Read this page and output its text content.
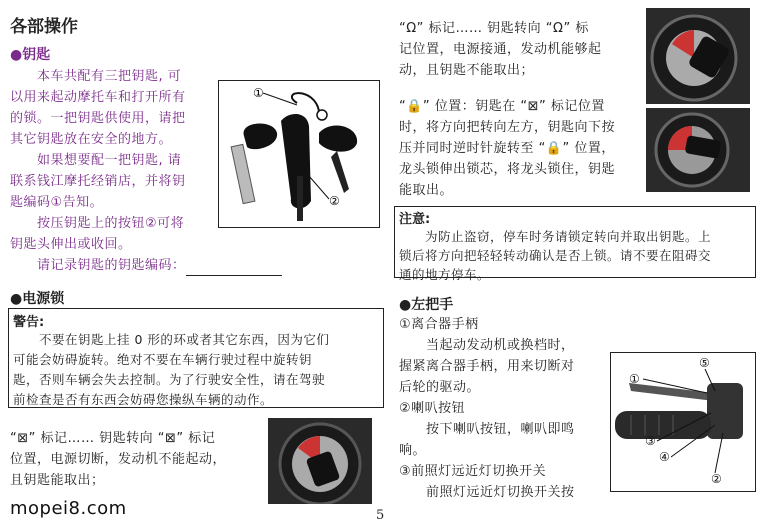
各部操作
●钥匙
　　本车共配有三把钥匙, 可
以用来起动摩托车和打开所有
的锁。一把钥匙供使用，请把
其它钥匙放在安全的地方。
　　如果想要配一把钥匙, 请
联系钱江摩托经销店，并将钥
匙编码①告知。
　　按压钥匙上的按钮②可将
钥匙头伸出或收回。
　　请记录钥匙的钥匙编码：
①
②
●电源锁
警告:
　　不要在钥匙上挂 0 形的环或者其它东西，因为它们
可能会妨碍旋转。绝对不要在车辆行驶过程中旋转钥
匙，否则车辆会失去控制。为了行驶安全性，请在驾驶
前检查是否有东西会妨碍您操纵车辆的动作。
“⊠” 标记…… 钥匙转向 “⊠” 标记
位置，电源切断，发动机不能起动，
且钥匙能取出；
mopei8.com	5
“Ω” 标记…… 钥匙转向 “Ω” 标
记位置，电源接通，发动机能够起
动，且钥匙不能取出；
“🔒” 位置：钥匙在 “⊠” 标记位置
时，将方向把转向左方，钥匙向下按
压并同时逆时针旋转至 “🔒” 位置，
龙头锁伸出锁芯，将龙头锁住，钥匙
能取出。
注意:
　　为防止盗窃，停车时务请锁定转向并取出钥匙。上
锁后将方向把轻轻转动确认是否上锁。请不要在阻碍交
通的地方停车。
●左把手
①离合器手柄
　　当起动发动机或换档时，
握紧离合器手柄，用来切断对
后轮的驱动。
②喇叭按钮
　　按下喇叭按钮，喇叭即鸣
响。
③前照灯远近灯切换开关
　　前照灯远近灯切换开关按
①
②
③
④
⑤
